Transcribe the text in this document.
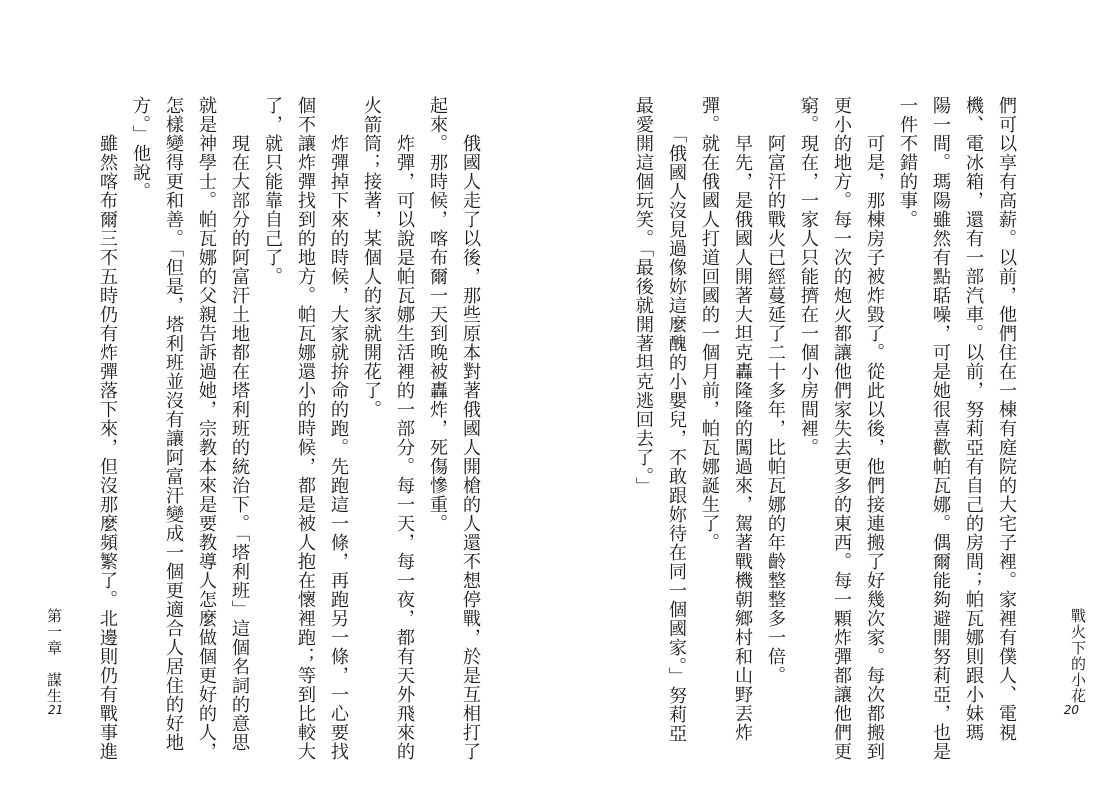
戰火下的小花
們可以享有高薪。以前，他們住在一棟有庭院的大宅子裡。家裡有僕人、電視
機、電冰箱，還有一部汽車。以前，努莉亞有自己的房間；帕瓦娜則跟小妹瑪
陽一間。瑪陽雖然有點聒噪，可是她很喜歡帕瓦娜。偶爾能夠避開努莉亞，也是
一件不錯的事。
　　可是，那棟房子被炸毀了。從此以後，他們接連搬了好幾次家。每次都搬到
更小的地方。每一次的炮火都讓他們家失去更多的東西。每一顆炸彈都讓他們更
窮。現在，一家人只能擠在一個小房間裡。
　　阿富汗的戰火已經蔓延了二十多年，比帕瓦娜的年齡整整多一倍。
　　早先，是俄國人開著大坦克轟隆隆的闖過來，駕著戰機朝鄉村和山野丟炸
彈。就在俄國人打道回國的一個月前，帕瓦娜誕生了。
　　「俄國人沒見過像妳這麼醜的小嬰兒，不敢跟妳待在同一個國家。」努莉亞
最愛開這個玩笑。「最後就開著坦克逃回去了。」
20
第一章　謀生	　　俄國人走了以後，那些原本對著俄國人開槍的人還不想停戰，於是互相打了
起來。那時候，喀布爾一天到晚被轟炸，死傷慘重。
　　炸彈，可以說是帕瓦娜生活裡的一部分。每一天，每一夜，都有天外飛來的
火箭筒；接著，某個人的家就開花了。
　　炸彈掉下來的時候，大家就拚命的跑。先跑這一條，再跑另一條，一心要找
個不讓炸彈找到的地方。帕瓦娜還小的時候，都是被人抱在懷裡跑；等到比較大
了，就只能靠自己了。
　　現在大部分的阿富汗土地都在塔利班的統治下。「塔利班」這個名詞的意思
就是神學士。帕瓦娜的父親告訴過她，宗教本來是要教導人怎麼做個更好的人，
怎樣變得更和善。「但是，塔利班並沒有讓阿富汗變成一個更適合人居住的好地
方。」他說。
　　雖然喀布爾三不五時仍有炸彈落下來，但沒那麼頻繁了。北邊則仍有戰事進
21
